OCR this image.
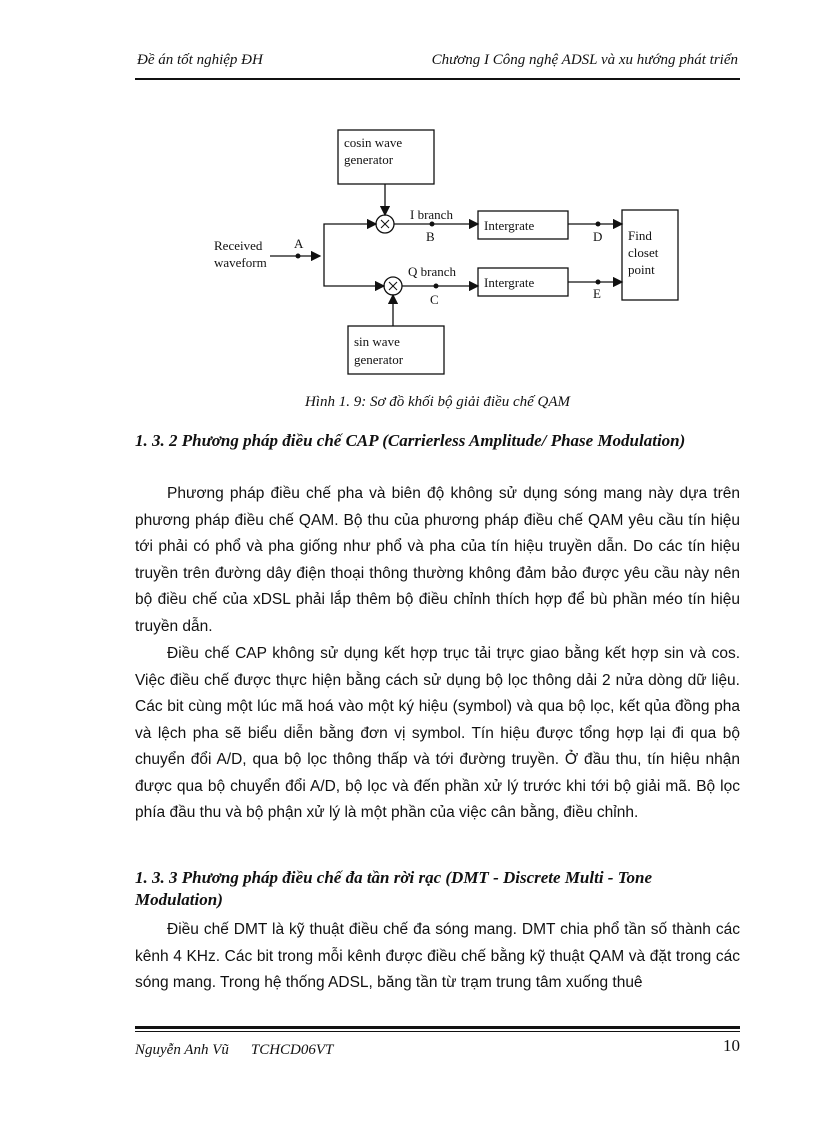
Đề án tốt nghiệp ĐH	Chương I Công nghệ ADSL và xu hướng phát triển
cosin wave
generator
sin wave
generator
Received
waveform
A
I branch
B
Q branch
C
Intergrate
Intergrate
D
E
Find
closet
point
Hình 1. 9: Sơ đồ khối bộ giải điều chế QAM
1. 3. 2 Phương pháp điều chế CAP (Carrierless Amplitude/ Phase Modulation)
Phương pháp điều chế pha và biên độ không sử dụng sóng mang này dựa trên phương pháp điều chế QAM. Bộ thu của phương pháp điều chế QAM yêu cầu tín hiệu tới phải có phổ và pha giống như phổ và pha của tín hiệu truyền dẫn. Do các tín hiệu truyền trên đường dây điện thoại thông thường không đảm bảo được yêu cầu này nên bộ điều chế của xDSL phải lắp thêm bộ điều chỉnh thích hợp để bù phần méo tín hiệu truyền dẫn.
Điều chế CAP không sử dụng kết hợp trục tải trực giao bằng kết hợp sin và cos. Việc điều chế được thực hiện bằng cách sử dụng bộ lọc thông dải 2 nửa dòng dữ liệu. Các bit cùng một lúc mã hoá vào một ký hiệu (symbol) và qua bộ lọc, kết qủa đồng pha và lệch pha sẽ biểu diễn bằng đơn vị symbol. Tín hiệu được tổng hợp lại đi qua bộ chuyển đổi A/D, qua bộ lọc thông thấp và tới đường truyền. Ở đầu thu, tín hiệu nhận được qua bộ chuyển đổi A/D, bộ lọc và đến phần xử lý trước khi tới bộ giải mã. Bộ lọc phía đầu thu và bộ phận xử lý là một phần của việc cân bằng, điều chỉnh.
1. 3. 3 Phương pháp điều chế đa tần rời rạc (DMT - Discrete Multi - Tone Modulation)
Điều chế DMT là kỹ thuật điều chế đa sóng mang. DMT chia phổ tần số thành các kênh 4 KHz. Các bit trong mỗi kênh được điều chế bằng kỹ thuật QAM và đặt trong các sóng mang. Trong hệ thống ADSL, băng tần từ trạm trung tâm xuống thuê
Nguyễn Anh Vũ TCHCD06VT	10
